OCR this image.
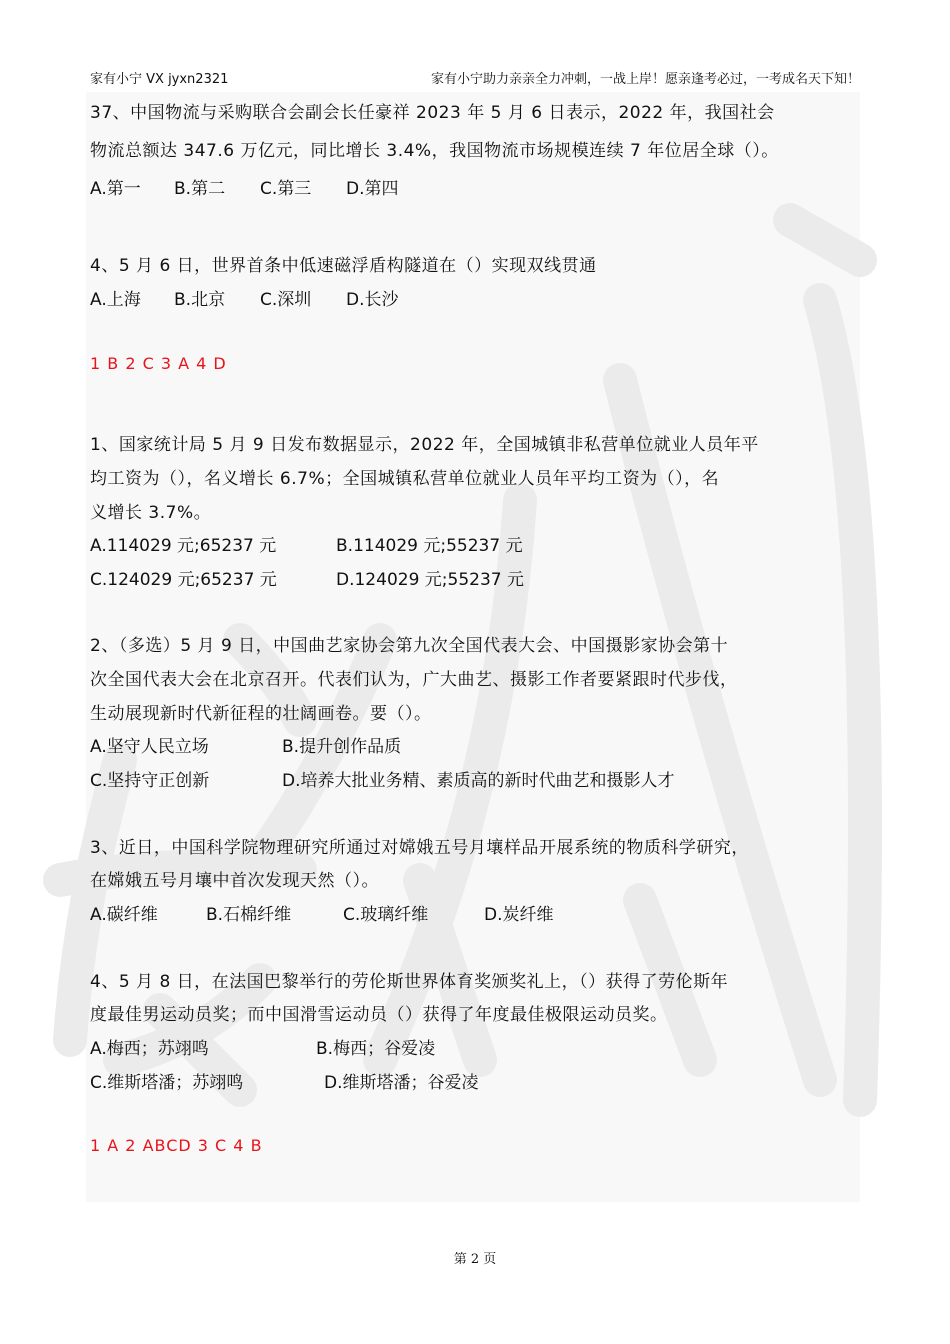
家有小宁 VX jyxn2321	家有小宁助力亲亲全力冲刺，一战上岸！愿亲逢考必过，一考成名天下知！
37、中国物流与采购联合会副会长任豪祥 2023 年 5 月 6 日表示，2022 年，我国社会
物流总额达 347.6 万亿元，同比增长 3.4%，我国物流市场规模连续 7 年位居全球（）。
A.第一 B.第二 C.第三 D.第四
4、5 月 6 日，世界首条中低速磁浮盾构隧道在（）实现双线贯通
A.上海 B.北京 C.深圳 D.长沙
1 B 2 C 3 A 4 D
1、国家统计局 5 月 9 日发布数据显示，2022 年，全国城镇非私营单位就业人员年平
均工资为（），名义增长 6.7%；全国城镇私营单位就业人员年平均工资为（），名
义增长 3.7%。
A.114029 元;65237 元	B.114029 元;55237 元
C.124029 元;65237 元	D.124029 元;55237 元
2、（多选）5 月 9 日，中国曲艺家协会第九次全国代表大会、中国摄影家协会第十
次全国代表大会在北京召开。代表们认为，广大曲艺、摄影工作者要紧跟时代步伐，
生动展现新时代新征程的壮阔画卷。要（）。
A.坚守人民立场	B.提升创作品质
C.坚持守正创新	D.培养大批业务精、素质高的新时代曲艺和摄影人才
3、近日，中国科学院物理研究所通过对嫦娥五号月壤样品开展系统的物质科学研究，
在嫦娥五号月壤中首次发现天然（）。
A.碳纤维	B.石棉纤维	C.玻璃纤维	D.炭纤维
4、5 月 8 日，在法国巴黎举行的劳伦斯世界体育奖颁奖礼上，（）获得了劳伦斯年
度最佳男运动员奖；而中国滑雪运动员（）获得了年度最佳极限运动员奖。
A.梅西；苏翊鸣	B.梅西；谷爱凌
C.维斯塔潘；苏翊鸣	D.维斯塔潘；谷爱凌
1 A 2 ABCD 3 C 4 B
第 2 页
